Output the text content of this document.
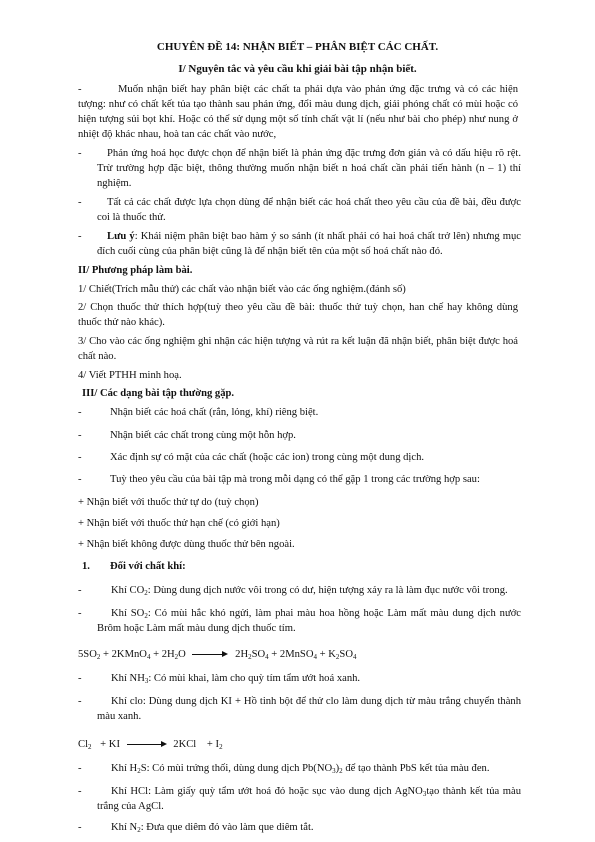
CHUYÊN ĐỀ 14: NHẬN BIẾT – PHÂN BIỆT CÁC CHẤT.
I/ Nguyên tắc và yêu cầu khi giải bài tập nhận biết.
-	Muốn nhận biết hay phân biệt các chất ta phải dựa vào phản ứng đặc trưng và có các hiện tượng: như có chất kết tủa tạo thành sau phản ứng, đổi màu dung dịch, giải phóng chất có mùi hoặc có hiện tượng sủi bọt khí. Hoặc có thể sử dụng một số tính chất vật lí (nếu như bài cho phép) như nung ở nhiệt độ khác nhau, hoà tan các chất vào nước,
-	Phản ứng hoá học được chọn để nhận biết là phản ứng đặc trưng đơn giản và có dấu hiệu rõ rệt. Trừ trường hợp đặc biệt, thông thường muốn nhận biết n hoá chất cần phải tiến hành (n – 1) thí nghiệm.
-	Tất cả các chất được lựa chọn dùng để nhận biết các hoá chất theo yêu cầu của đề bài, đều được coi là thuốc thử.
-	Lưu ý: Khái niệm phân biệt bao hàm ý so sánh (ít nhất phải có hai hoá chất trở lên) nhưng mục đích cuối cùng của phân biệt cũng là để nhận biết tên của một số hoá chất nào đó.
II/ Phương pháp làm bài.
1/ Chiết(Trích mẫu thử) các chất vào nhận biết vào các ống nghiệm.(đánh số)
2/ Chọn thuốc thử thích hợp(tuỳ theo yêu cầu đề bài: thuốc thử tuỳ chọn, han chế hay không dùng thuốc thử nào khác).
3/ Cho vào các ống nghiệm ghi nhận các hiện tượng và rút ra kết luận đã nhận biết, phân biệt được hoá chất nào.
4/ Viết PTHH minh hoạ.
III/ Các dạng bài tập thường gặp.
-	Nhận biết các hoá chất (rắn, lỏng, khí) riêng biệt.
-	Nhận biết các chất trong cùng một hỗn hợp.
-	Xác định sự có mặt của các chất (hoặc các ion) trong cùng một dung dịch.
-	Tuỳ theo yêu cầu của bài tập mà trong mỗi dạng có thể gặp 1 trong các trường hợp sau:
+ Nhận biết với thuốc thử tự do (tuỳ chọn)
+ Nhận biết với thuốc thử hạn chế (có giới hạn)
+ Nhận biết không được dùng thuốc thử bên ngoài.
1. Đối với chất khí:
-	Khí $CO_2$: Dùng dung dịch nước vôi trong có dư, hiện tượng xảy ra là làm đục nước vôi trong.
-	Khí $SO_2$: Có mùi hắc khó ngửi, làm phai màu hoa hồng hoặc Làm mất màu dung dịch nước Brôm hoặc Làm mất màu dung dịch thuốc tím.
$5SO_2$ + 2KMnO$_4$ + $2H_2O$	$2H_2SO_4$ + 2MnSO$_4$ + $K_2SO_4$
-	Khí $NH_3$: Có mùi khai, làm cho quỳ tím tẩm ướt hoá xanh.
-	Khí clo: Dùng dung dịch KI + Hồ tinh bột để thử clo làm dung dịch từ màu trắng chuyển thành màu xanh.
$Cl_2$ + KI	$2KCl + I_2$
-	Khí $H_2S$: Có mùi trứng thối, dùng dung dịch $Pb(NO_3)_2$ để tạo thành PbS kết tủa màu đen.
-	Khí HCl: Làm giấy quỳ tẩm ướt hoá đỏ hoặc sục vào dung dịch AgNO$_3$tạo thành kết tủa màu trắng của AgCl.
-	Khí $N_2$: Đưa que diêm đỏ vào làm que diêm tắt.
